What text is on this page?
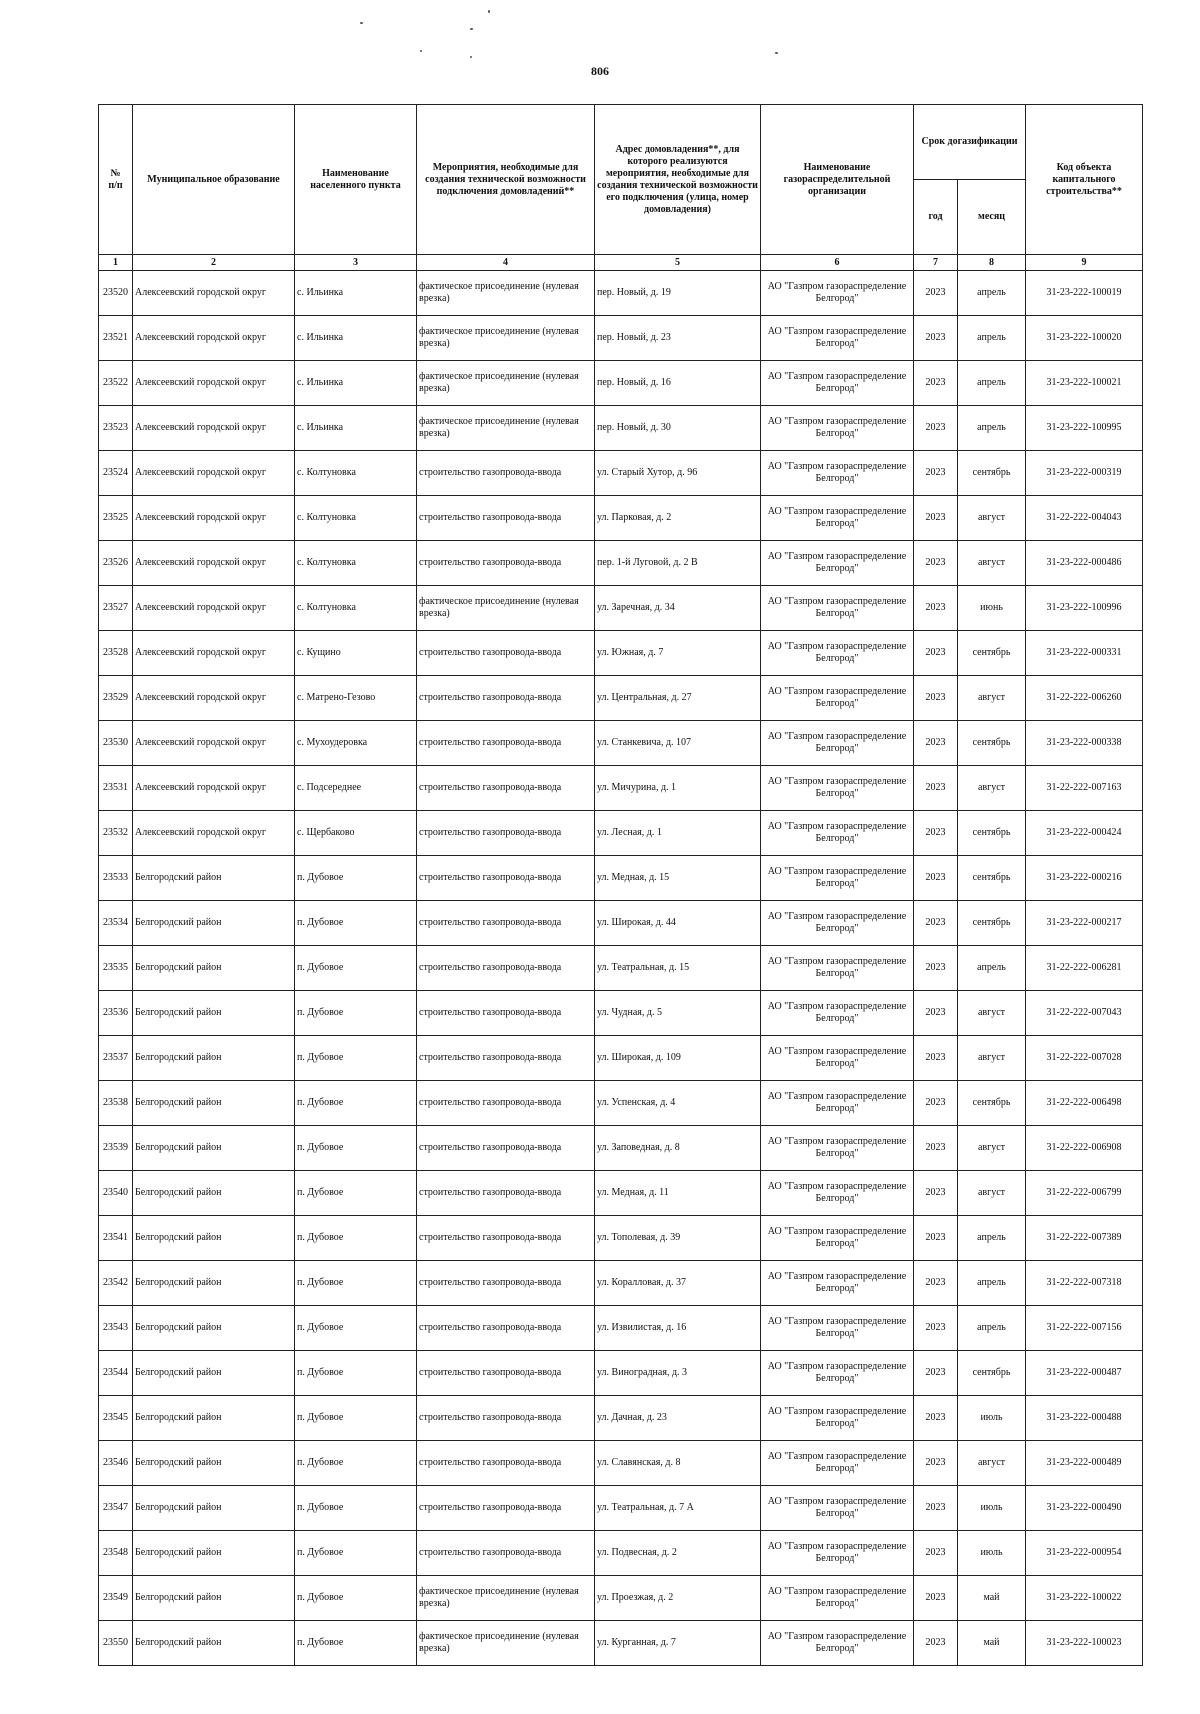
806
№
п/п	Муниципальное образование	Наименование населенного пункта	Мероприятия, необходимые для создания технической возможности подключения домовладений**	Адрес домовладения**, для которого реализуются мероприятия, необходимые для создания технической возможности его подключения (улица, номер домовладения)	Наименование газораспределительной организации	Срок догазификации		Код объекта капитального строительства**
						год	месяц	
1	2	3	4	5	6	7	8	9
23520	Алексеевский городской округ	с. Ильинка	фактическое присоединение (нулевая врезка)	пер. Новый, д. 19	АО "Газпром газораспределение Белгород"	2023	апрель	31-23-222-100019
23521	Алексеевский городской округ	с. Ильинка	фактическое присоединение (нулевая врезка)	пер. Новый, д. 23	АО "Газпром газораспределение Белгород"	2023	апрель	31-23-222-100020
23522	Алексеевский городской округ	с. Ильинка	фактическое присоединение (нулевая врезка)	пер. Новый, д. 16	АО "Газпром газораспределение Белгород"	2023	апрель	31-23-222-100021
23523	Алексеевский городской округ	с. Ильинка	фактическое присоединение (нулевая врезка)	пер. Новый, д. 30	АО "Газпром газораспределение Белгород"	2023	апрель	31-23-222-100995
23524	Алексеевский городской округ	с. Колтуновка	строительство газопровода-ввода	ул. Старый Хутор, д. 96	АО "Газпром газораспределение Белгород"	2023	сентябрь	31-23-222-000319
23525	Алексеевский городской округ	с. Колтуновка	строительство газопровода-ввода	ул. Парковая, д. 2	АО "Газпром газораспределение Белгород"	2023	август	31-22-222-004043
23526	Алексеевский городской округ	с. Колтуновка	строительство газопровода-ввода	пер. 1-й Луговой, д. 2 В	АО "Газпром газораспределение Белгород"	2023	август	31-23-222-000486
23527	Алексеевский городской округ	с. Колтуновка	фактическое присоединение (нулевая врезка)	ул. Заречная, д. 34	АО "Газпром газораспределение Белгород"	2023	июнь	31-23-222-100996
23528	Алексеевский городской округ	с. Кущино	строительство газопровода-ввода	ул. Южная, д. 7	АО "Газпром газораспределение Белгород"	2023	сентябрь	31-23-222-000331
23529	Алексеевский городской округ	с. Матрено-Гезово	строительство газопровода-ввода	ул. Центральная, д. 27	АО "Газпром газораспределение Белгород"	2023	август	31-22-222-006260
23530	Алексеевский городской округ	с. Мухоудеровка	строительство газопровода-ввода	ул. Станкевича, д. 107	АО "Газпром газораспределение Белгород"	2023	сентябрь	31-23-222-000338
23531	Алексеевский городской округ	с. Подсереднее	строительство газопровода-ввода	ул. Мичурина, д. 1	АО "Газпром газораспределение Белгород"	2023	август	31-22-222-007163
23532	Алексеевский городской округ	с. Щербаково	строительство газопровода-ввода	ул. Лесная, д. 1	АО "Газпром газораспределение Белгород"	2023	сентябрь	31-23-222-000424
23533	Белгородский район	п. Дубовое	строительство газопровода-ввода	ул. Медная, д. 15	АО "Газпром газораспределение Белгород"	2023	сентябрь	31-23-222-000216
23534	Белгородский район	п. Дубовое	строительство газопровода-ввода	ул. Широкая, д. 44	АО "Газпром газораспределение Белгород"	2023	сентябрь	31-23-222-000217
23535	Белгородский район	п. Дубовое	строительство газопровода-ввода	ул. Театральная, д. 15	АО "Газпром газораспределение Белгород"	2023	апрель	31-22-222-006281
23536	Белгородский район	п. Дубовое	строительство газопровода-ввода	ул. Чудная, д. 5	АО "Газпром газораспределение Белгород"	2023	август	31-22-222-007043
23537	Белгородский район	п. Дубовое	строительство газопровода-ввода	ул. Широкая, д. 109	АО "Газпром газораспределение Белгород"	2023	август	31-22-222-007028
23538	Белгородский район	п. Дубовое	строительство газопровода-ввода	ул. Успенская, д. 4	АО "Газпром газораспределение Белгород"	2023	сентябрь	31-22-222-006498
23539	Белгородский район	п. Дубовое	строительство газопровода-ввода	ул. Заповедная, д. 8	АО "Газпром газораспределение Белгород"	2023	август	31-22-222-006908
23540	Белгородский район	п. Дубовое	строительство газопровода-ввода	ул. Медная, д. 11	АО "Газпром газораспределение Белгород"	2023	август	31-22-222-006799
23541	Белгородский район	п. Дубовое	строительство газопровода-ввода	ул. Тополевая, д. 39	АО "Газпром газораспределение Белгород"	2023	апрель	31-22-222-007389
23542	Белгородский район	п. Дубовое	строительство газопровода-ввода	ул. Коралловая, д. 37	АО "Газпром газораспределение Белгород"	2023	апрель	31-22-222-007318
23543	Белгородский район	п. Дубовое	строительство газопровода-ввода	ул. Извилистая, д. 16	АО "Газпром газораспределение Белгород"	2023	апрель	31-22-222-007156
23544	Белгородский район	п. Дубовое	строительство газопровода-ввода	ул. Виноградная, д. 3	АО "Газпром газораспределение Белгород"	2023	сентябрь	31-23-222-000487
23545	Белгородский район	п. Дубовое	строительство газопровода-ввода	ул. Дачная, д. 23	АО "Газпром газораспределение Белгород"	2023	июль	31-23-222-000488
23546	Белгородский район	п. Дубовое	строительство газопровода-ввода	ул. Славянская, д. 8	АО "Газпром газораспределение Белгород"	2023	август	31-23-222-000489
23547	Белгородский район	п. Дубовое	строительство газопровода-ввода	ул. Театральная, д. 7 А	АО "Газпром газораспределение Белгород"	2023	июль	31-23-222-000490
23548	Белгородский район	п. Дубовое	строительство газопровода-ввода	ул. Подвесная, д. 2	АО "Газпром газораспределение Белгород"	2023	июль	31-23-222-000954
23549	Белгородский район	п. Дубовое	фактическое присоединение (нулевая врезка)	ул. Проезжая, д. 2	АО "Газпром газораспределение Белгород"	2023	май	31-23-222-100022
23550	Белгородский район	п. Дубовое	фактическое присоединение (нулевая врезка)	ул. Курганная, д. 7	АО "Газпром газораспределение Белгород"	2023	май	31-23-222-100023
